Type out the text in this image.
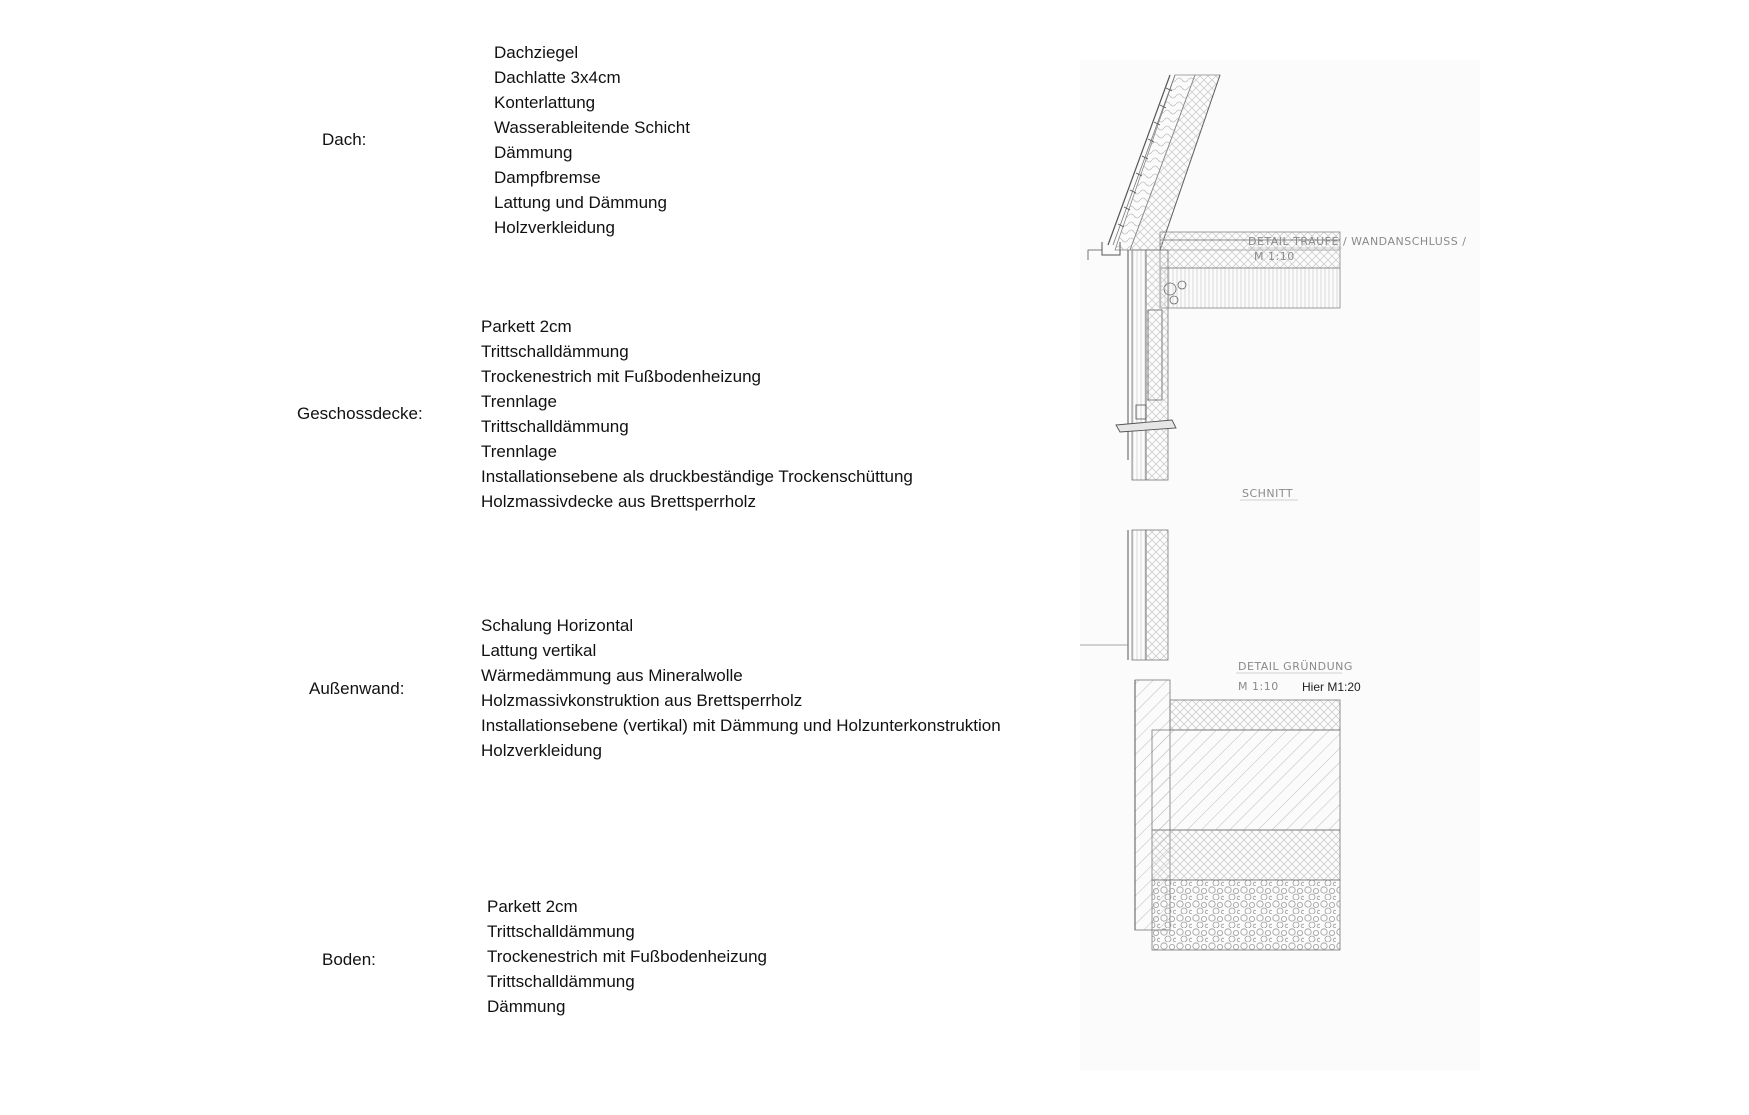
Dach:
Geschossdecke:
Außenwand:
Boden:
Dachziegel
Dachlatte 3x4cm
Konterlattung
Wasserableitende Schicht
Dämmung
Dampfbremse
Lattung und Dämmung
Holzverkleidung
Parkett 2cm
Trittschalldämmung
Trockenestrich mit Fußbodenheizung
Trennlage
Trittschalldämmung
Trennlage
Installationsebene als druckbeständige Trockenschüttung
Holzmassivdecke aus Brettsperrholz
Schalung Horizontal
Lattung vertikal
Wärmedämmung aus Mineralwolle
Holzmassivkonstruktion aus Brettsperrholz
Installationsebene (vertikal) mit Dämmung und Holzunterkonstruktion
Holzverkleidung
Parkett 2cm
Trittschalldämmung
Trockenestrich mit Fußbodenheizung
Trittschalldämmung
Dämmung
DETAIL TRAUFE / WANDANSCHLUSS /
M 1:10
SCHNITT
DETAIL GRÜNDUNG
M 1:10 Hier M1:20
